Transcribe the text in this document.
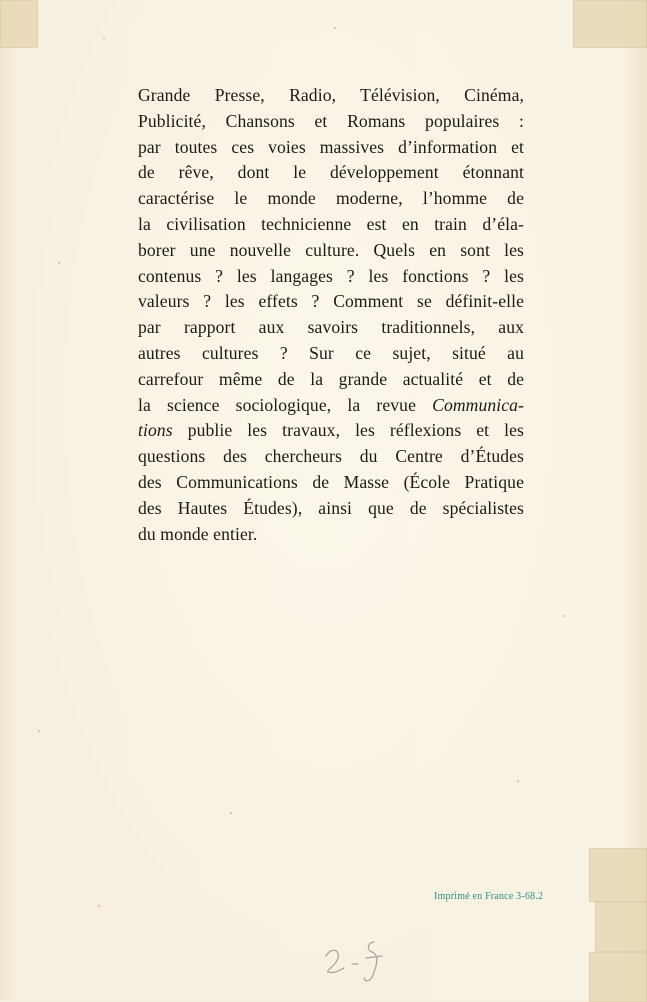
Grande Presse, Radio, Télévision, Cinéma,
Publicité, Chansons et Romans populaires :
par toutes ces voies massives d’information et
de rêve, dont le développement étonnant
caractérise le monde moderne, l’homme de
la civilisation technicienne est en train d’éla-
borer une nouvelle culture. Quels en sont les
contenus ? les langages ? les fonctions ? les
valeurs ? les effets ? Comment se définit-elle
par rapport aux savoirs traditionnels, aux
autres cultures ? Sur ce sujet, situé au
carrefour même de la grande actualité et de
la science sociologique, la revue Communica-
tions publie les travaux, les réflexions et les
questions des chercheurs du Centre d’Études
des Communications de Masse (École Pratique
des Hautes Études), ainsi que de spécialistes
du monde entier.

Imprimé en France 3-68.2
